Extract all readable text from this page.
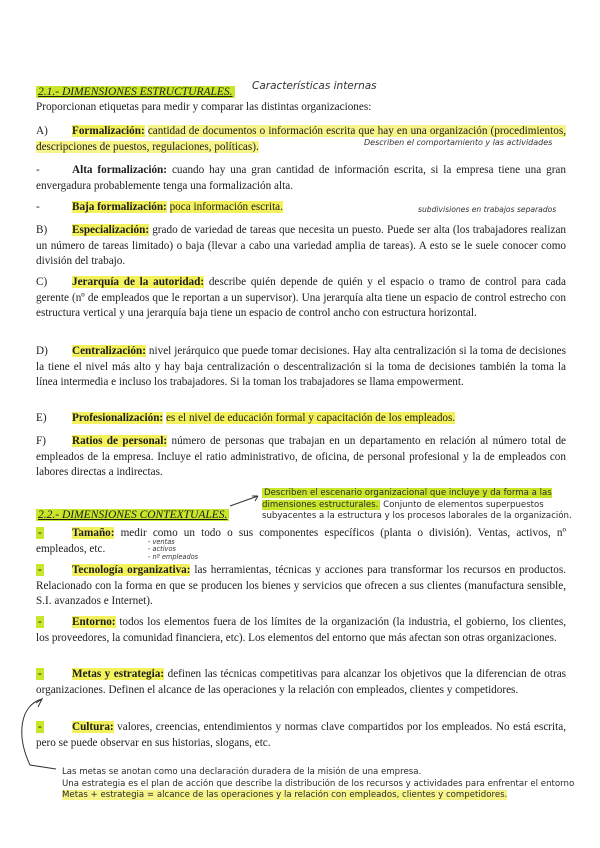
2.1.- DIMENSIONES ESTRUCTURALES. Características internas
Proporcionan etiquetas para medir y comparar las distintas organizaciones:
A) Formalización: cantidad de documentos o información escrita que hay en una organización (procedimientos, descripciones de puestos, regulaciones, políticas).	Describen el comportamiento y las actividades
-	Alta formalización: cuando hay una gran cantidad de información escrita, si la empresa tiene una gran envergadura probablemente tenga una formalización alta.
-	Baja formalización: poca información escrita.	subdivisiones en trabajos separados
B) Especialización: grado de variedad de tareas que necesita un puesto. Puede ser alta (los trabajadores realizan un número de tareas limitado) o baja (llevar a cabo una variedad amplia de tareas). A esto se le suele conocer como división del trabajo.
C) Jerarquía de la autoridad: describe quién depende de quién y el espacio o tramo de control para cada gerente (nº de empleados que le reportan a un supervisor). Una jerarquía alta tiene un espacio de control estrecho con estructura vertical y una jerarquía baja tiene un espacio de control ancho con estructura horizontal.
D) Centralización: nivel jerárquico que puede tomar decisiones. Hay alta centralización si la toma de decisiones la tiene el nivel más alto y hay baja centralización o descentralización si la toma de decisiones también la toma la línea intermedia e incluso los trabajadores. Si la toman los trabajadores se llama empowerment.
E) Profesionalización: es el nivel de educación formal y capacitación de los empleados.
F) Ratios de personal: número de personas que trabajan en un departamento en relación al número total de empleados de la empresa. Incluye el ratio administrativo, de oficina, de personal profesional y la de empleados con labores directas a indirectas.
2.2.- DIMENSIONES CONTEXTUALES.
Describen el escenario organizacional que incluye y da forma a las dimensiones estructurales. Conjunto de elementos superpuestos subyacentes a la estructura y los procesos laborales de la organización.
-	Tamaño: medir como un todo o sus componentes específicos (planta o división). Ventas, activos, nº empleados, etc.
- ventas
- activos
- nº empleados
-	Tecnología organizativa: las herramientas, técnicas y acciones para transformar los recursos en productos. Relacionado con la forma en que se producen los bienes y servicios que ofrecen a sus clientes (manufactura sensible, S.I. avanzados e Internet).
-	Entorno: todos los elementos fuera de los límites de la organización (la industria, el gobierno, los clientes, los proveedores, la comunidad financiera, etc). Los elementos del entorno que más afectan son otras organizaciones.
-	Metas y estrategia: definen las técnicas competitivas para alcanzar los objetivos que la diferencian de otras organizaciones. Definen el alcance de las operaciones y la relación con empleados, clientes y competidores.
-	Cultura: valores, creencias, entendimientos y normas clave compartidos por los empleados. No está escrita, pero se puede observar en sus historias, slogans, etc.
Las metas se anotan como una declaración duradera de la misión de una empresa.
Una estrategia es el plan de acción que describe la distribución de los recursos y actividades para enfrentar el entorno
Metas + estrategia = alcance de las operaciones y la relación con empleados, clientes y competidores.
